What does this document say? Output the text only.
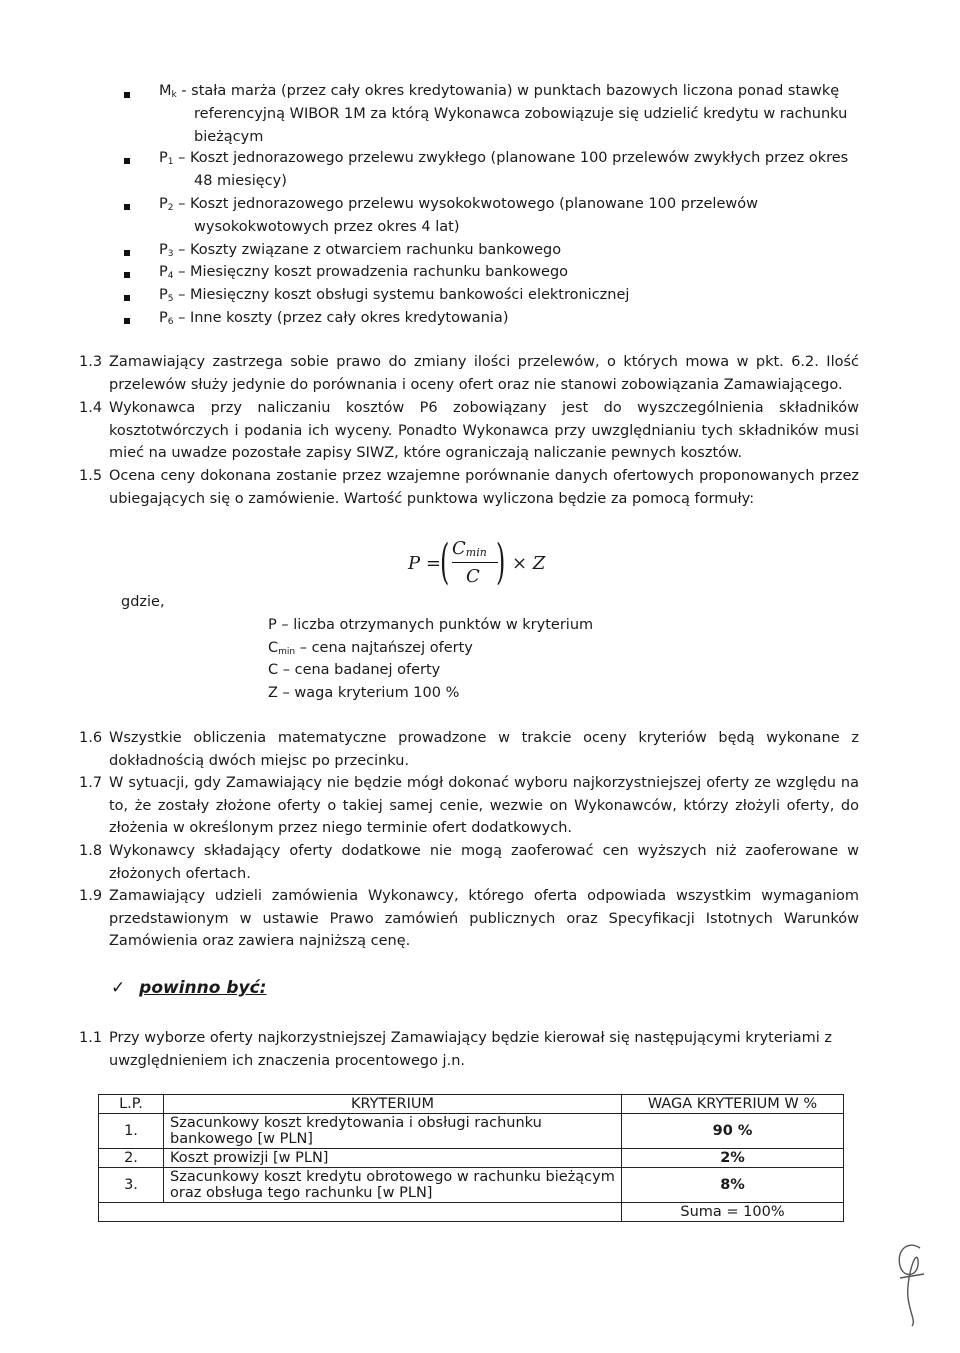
$M_k$ - stała marża (przez cały okres kredytowania) w punktach bazowych liczona ponad stawkę
referencyjną WIBOR 1M za którą Wykonawca zobowiązuje się udzielić kredytu w rachunku
bieżącym
$P_1$ – Koszt jednorazowego przelewu zwykłego (planowane 100 przelewów zwykłych przez okres
48 miesięcy)
$P_2$ – Koszt jednorazowego przelewu wysokokwotowego (planowane 100 przelewów
wysokokwotowych przez okres 4 lat)
$P_3$ – Koszty związane z otwarciem rachunku bankowego
$P_4$ – Miesięczny koszt prowadzenia rachunku bankowego
$P_5$ – Miesięczny koszt obsługi systemu bankowości elektronicznej
$P_6$ – Inne koszty (przez cały okres kredytowania)
1.3 Zamawiający zastrzega sobie prawo do zmiany ilości przelewów, o których mowa w pkt. 6.2. Ilość przelewów służy jedynie do porównania i oceny ofert oraz nie stanowi zobowiązania Zamawiającego.
1.4 Wykonawca przy naliczaniu kosztów P6 zobowiązany jest do wyszczególnienia składników kosztotwórczych i podania ich wyceny. Ponadto Wykonawca przy uwzględnianiu tych składników musi mieć na uwadze pozostałe zapisy SIWZ, które ograniczają naliczanie pewnych kosztów.
1.5 Ocena ceny dokonana zostanie przez wzajemne porównanie danych ofertowych proponowanych przez ubiegających się o zamówienie. Wartość punktowa wyliczona będzie za pomocą formuły:
P = ( $C_{min}$
C ) × Z
gdzie,
P – liczba otrzymanych punktów w kryterium
$C_{min}$ – cena najtańszej oferty
C – cena badanej oferty
Z – waga kryterium 100 %
1.6 Wszystkie obliczenia matematyczne prowadzone w trakcie oceny kryteriów będą wykonane z dokładnością dwóch miejsc po przecinku.
1.7 W sytuacji, gdy Zamawiający nie będzie mógł dokonać wyboru najkorzystniejszej oferty ze względu na to, że zostały złożone oferty o takiej samej cenie, wezwie on Wykonawców, którzy złożyli oferty, do złożenia w określonym przez niego terminie ofert dodatkowych.
1.8 Wykonawcy składający oferty dodatkowe nie mogą zaoferować cen wyższych niż zaoferowane w złożonych ofertach.
1.9 Zamawiający udzieli zamówienia Wykonawcy, którego oferta odpowiada wszystkim wymaganiom przedstawionym w ustawie Prawo zamówień publicznych oraz Specyfikacji Istotnych Warunków Zamówienia oraz zawiera najniższą cenę.
✓ powinno być:
1.1 Przy wyborze oferty najkorzystniejszej Zamawiający będzie kierował się następującymi kryteriami z uwzględnieniem ich znaczenia procentowego j.n.
L.P.	KRYTERIUM	WAGA KRYTERIUM W %
1.	Szacunkowy koszt kredytowania i obsługi rachunku bankowego [w PLN]	90 %
2.	Koszt prowizji [w PLN]	2%
3.	Szacunkowy koszt kredytu obrotowego w rachunku bieżącym oraz obsługa tego rachunku [w PLN]	8%
		Suma = 100%
